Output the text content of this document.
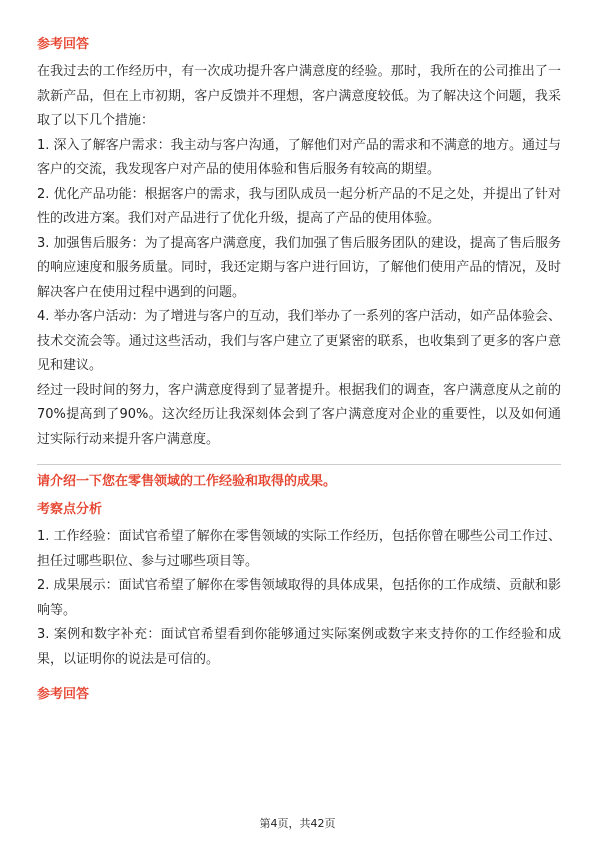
参考回答

在我过去的工作经历中，有一次成功提升客户满意度的经验。那时，我所在的公司推出了一款新产品，但在上市初期，客户反馈并不理想，客户满意度较低。为了解决这个问题，我采取了以下几个措施：

1. 深入了解客户需求：我主动与客户沟通，了解他们对产品的需求和不满意的地方。通过与客户的交流，我发现客户对产品的使用体验和售后服务有较高的期望。

2. 优化产品功能：根据客户的需求，我与团队成员一起分析产品的不足之处，并提出了针对性的改进方案。我们对产品进行了优化升级，提高了产品的使用体验。

3. 加强售后服务：为了提高客户满意度，我们加强了售后服务团队的建设，提高了售后服务的响应速度和服务质量。同时，我还定期与客户进行回访，了解他们使用产品的情况，及时解决客户在使用过程中遇到的问题。

4. 举办客户活动：为了增进与客户的互动，我们举办了一系列的客户活动，如产品体验会、技术交流会等。通过这些活动，我们与客户建立了更紧密的联系，也收集到了更多的客户意见和建议。

经过一段时间的努力，客户满意度得到了显著提升。根据我们的调查，客户满意度从之前的70%提高到了90%。这次经历让我深刻体会到了客户满意度对企业的重要性，以及如何通过实际行动来提升客户满意度。

请介绍一下您在零售领域的工作经验和取得的成果。

考察点分析

1. 工作经验：面试官希望了解你在零售领域的实际工作经历，包括你曾在哪些公司工作过、担任过哪些职位、参与过哪些项目等。

2. 成果展示：面试官希望了解你在零售领域取得的具体成果，包括你的工作成绩、贡献和影响等。

3. 案例和数字补充：面试官希望看到你能够通过实际案例或数字来支持你的工作经验和成果，以证明你的说法是可信的。

参考回答

第4页，共42页
